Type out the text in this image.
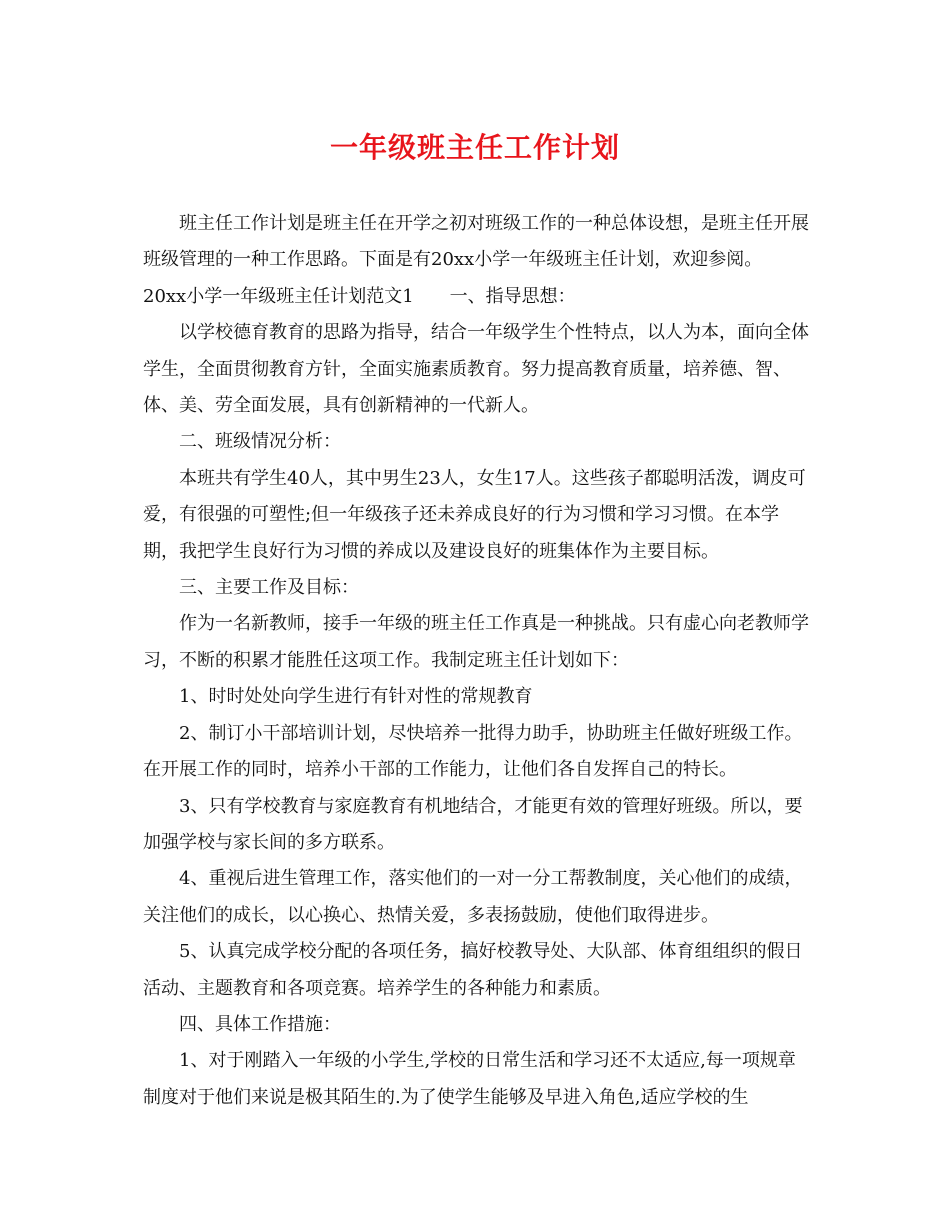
一年级班主任工作计划

班主任工作计划是班主任在开学之初对班级工作的一种总体设想，是班主任开展班级管理的一种工作思路。下面是有20xx小学一年级班主任计划，欢迎参阅。

20xx小学一年级班主任计划范文1　　一、指导思想：

以学校德育教育的思路为指导，结合一年级学生个性特点，以人为本，面向全体学生，全面贯彻教育方针，全面实施素质教育。努力提高教育质量，培养德、智、体、美、劳全面发展，具有创新精神的一代新人。

二、班级情况分析：

本班共有学生40人，其中男生23人，女生17人。这些孩子都聪明活泼，调皮可爱，有很强的可塑性;但一年级孩子还未养成良好的行为习惯和学习习惯。在本学期，我把学生良好行为习惯的养成以及建设良好的班集体作为主要目标。

三、主要工作及目标：

作为一名新教师，接手一年级的班主任工作真是一种挑战。只有虚心向老教师学习，不断的积累才能胜任这项工作。我制定班主任计划如下：

1、时时处处向学生进行有针对性的常规教育

2、制订小干部培训计划，尽快培养一批得力助手，协助班主任做好班级工作。在开展工作的同时，培养小干部的工作能力，让他们各自发挥自己的特长。

3、只有学校教育与家庭教育有机地结合，才能更有效的管理好班级。所以，要加强学校与家长间的多方联系。

4、重视后进生管理工作，落实他们的一对一分工帮教制度，关心他们的成绩，关注他们的成长，以心换心、热情关爱，多表扬鼓励，使他们取得进步。

5、认真完成学校分配的各项任务，搞好校教导处、大队部、体育组组织的假日活动、主题教育和各项竞赛。培养学生的各种能力和素质。

四、具体工作措施：

1、对于刚踏入一年级的小学生,学校的日常生活和学习还不太适应,每一项规章制度对于他们来说是极其陌生的.为了使学生能够及早进入角色,适应学校的生
